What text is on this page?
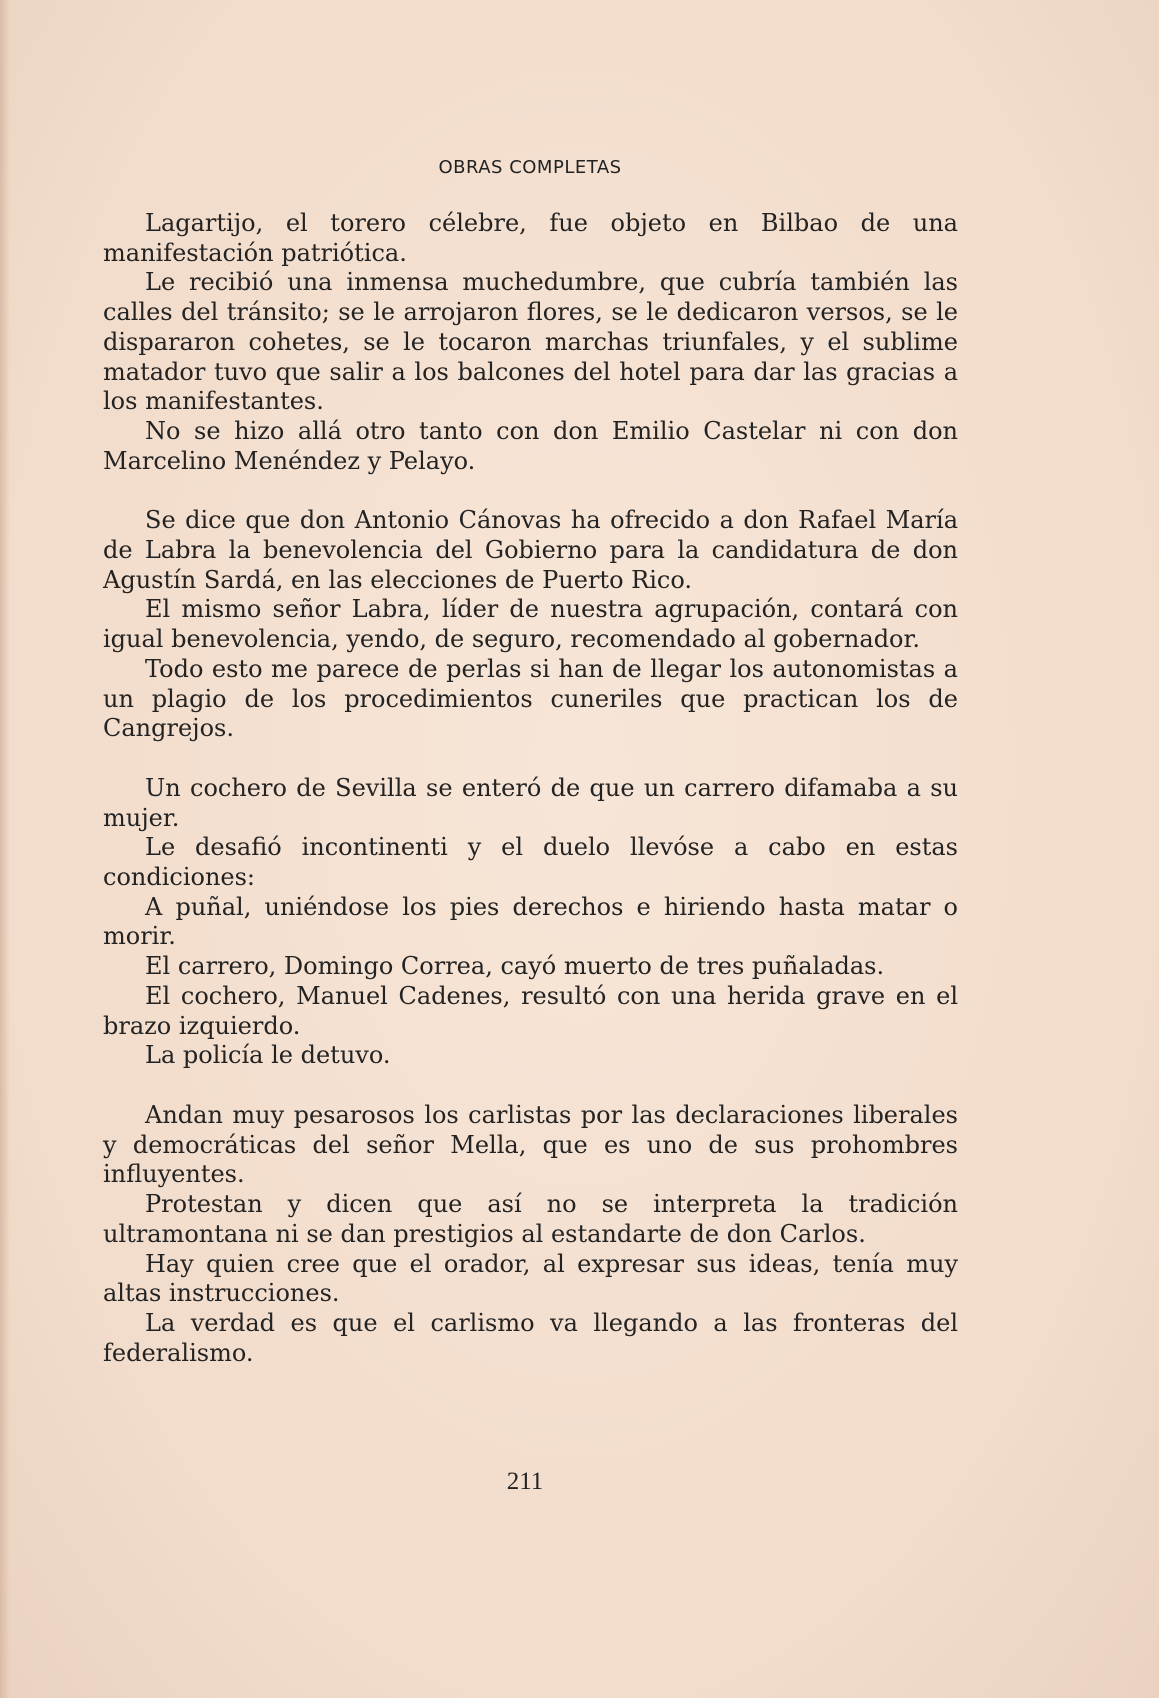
OBRAS COMPLETAS

Lagartijo, el torero célebre, fue objeto en Bilbao de una manifestación patriótica.

Le recibió una inmensa muchedumbre, que cubría también las calles del tránsito; se le arrojaron flores, se le dedicaron versos, se le dispararon cohetes, se le tocaron marchas triunfales, y el sublime matador tuvo que salir a los balcones del hotel para dar las gracias a los manifestantes.

No se hizo allá otro tanto con don Emilio Castelar ni con don Marcelino Menéndez y Pelayo.

Se dice que don Antonio Cánovas ha ofrecido a don Rafael María de Labra la benevolencia del Gobierno para la candidatura de don Agustín Sardá, en las elecciones de Puerto Rico.

El mismo señor Labra, líder de nuestra agrupación, contará con igual benevolencia, yendo, de seguro, recomendado al gobernador.

Todo esto me parece de perlas si han de llegar los autonomistas a un plagio de los procedimientos cuneriles que practican los de Cangrejos.

Un cochero de Sevilla se enteró de que un carrero difamaba a su mujer.

Le desafió incontinenti y el duelo llevóse a cabo en estas condiciones:

A puñal, uniéndose los pies derechos e hiriendo hasta matar o morir.

El carrero, Domingo Correa, cayó muerto de tres puñaladas.

El cochero, Manuel Cadenes, resultó con una herida grave en el brazo izquierdo.

La policía le detuvo.

Andan muy pesarosos los carlistas por las declaraciones liberales y democráticas del señor Mella, que es uno de sus prohombres influyentes.

Protestan y dicen que así no se interpreta la tradición ultramontana ni se dan prestigios al estandarte de don Carlos.

Hay quien cree que el orador, al expresar sus ideas, tenía muy altas instrucciones.

La verdad es que el carlismo va llegando a las fronteras del federalismo.

211
